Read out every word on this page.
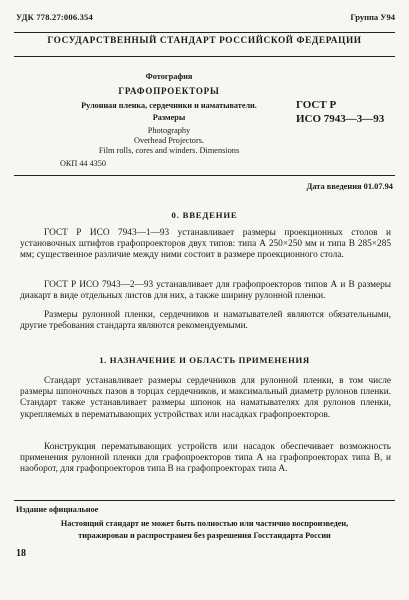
УДК 778.27:006.354	Группа У94
ГОСУДАРСТВЕННЫЙ СТАНДАРТ РОССИЙСКОЙ ФЕДЕРАЦИИ
Фотография
ГРАФОПРОЕКТОРЫ
Рулонная пленка, сердечники и наматыватели.
Размеры
Photography
Overhead Projectors.
Film rolls, cores and winders. Dimensions
ГОСТ Р
ИСО 7943—3—93
ОКП 44 4350
Дата введения 01.07.94
0. ВВЕДЕНИЕ
ГОСТ Р ИСО 7943—1—93 устанавливает размеры проекционных столов и установочных штифтов графопроекторов двух типов: типа А 250×250 мм и типа В 285×285 мм; существенное различие между ними состоит в размере проекционного стола.
ГОСТ Р ИСО 7943—2—93 устанавливает для графопроекторов типов А и В размеры диакарт в виде отдельных листов для них, а также ширину рулонной пленки.
Размеры рулонной пленки, сердечников и наматывателей являются обязательными, другие требования стандарта являются рекомендуемыми.
1. НАЗНАЧЕНИЕ И ОБЛАСТЬ ПРИМЕНЕНИЯ
Стандарт устанавливает размеры сердечников для рулонной пленки, в том числе размеры шпоночных пазов в торцах сердечников, и максимальный диаметр рулонов пленки. Стандарт также устанавливает размеры шпонок на наматывателях для рулонов пленки, укрепляемых в перематывающих устройствах или насадках графопроекторов.
Конструкция перематывающих устройств или насадок обеспечивает возможность применения рулонной пленки для графопроекторов типа А на графопроекторах типа В, и наоборот, для графопроекторов типа В на графопроекторах типа А.
Издание официальное
Настоящий стандарт не может быть полностью или частично воспроизведен,
тиражирован и распространен без разрешения Госстандарта России
18
